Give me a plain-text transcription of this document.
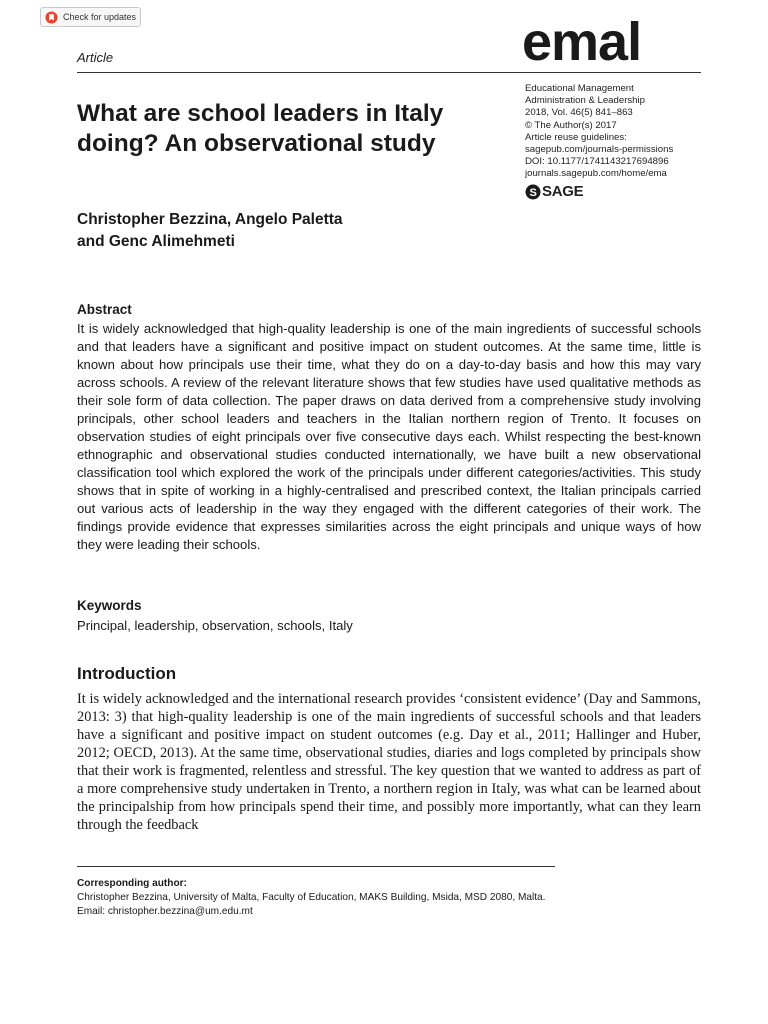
Check for updates
Article	emal
What are school leaders in Italy doing? An observational study
Educational Management
Administration & Leadership
2018, Vol. 46(5) 841–863
© The Author(s) 2017
Article reuse guidelines:
sagepub.com/journals-permissions
DOI: 10.1177/1741143217694896
journals.sagepub.com/home/ema
S SAGE
Christopher Bezzina, Angelo Paletta
and Genc Alimehmeti
Abstract

It is widely acknowledged that high-quality leadership is one of the main ingredients of successful schools and that leaders have a significant and positive impact on student outcomes. At the same time, little is known about how principals use their time, what they do on a day-to-day basis and how this may vary across schools. A review of the relevant literature shows that few studies have used qualitative methods as their sole form of data collection. The paper draws on data derived from a comprehensive study involving principals, other school leaders and teachers in the Italian northern region of Trento. It focuses on observation studies of eight principals over five consecutive days each. Whilst respecting the best-known ethnographic and observational studies conducted internationally, we have built a new observational classification tool which explored the work of the principals under different categories/activities. This study shows that in spite of working in a highly-centralised and prescribed context, the Italian principals carried out various acts of leadership in the way they engaged with the different categories of their work. The findings provide evidence that expresses similarities across the eight principals and unique ways of how they were leading their schools.

Keywords

Principal, leadership, observation, schools, Italy

Introduction

It is widely acknowledged and the international research provides ‘consistent evidence’ (Day and Sammons, 2013: 3) that high-quality leadership is one of the main ingredients of successful schools and that leaders have a significant and positive impact on student outcomes (e.g. Day et al., 2011; Hallinger and Huber, 2012; OECD, 2013). At the same time, observational studies, diaries and logs completed by principals show that their work is fragmented, relentless and stressful. The key question that we wanted to address as part of a more comprehensive study undertaken in Trento, a northern region in Italy, was what can be learned about the principalship from how principals spend their time, and possibly more importantly, what can they learn through the feedback

Corresponding author:
Christopher Bezzina, University of Malta, Faculty of Education, MAKS Building, Msida, MSD 2080, Malta.
Email: christopher.bezzina@um.edu.mt
